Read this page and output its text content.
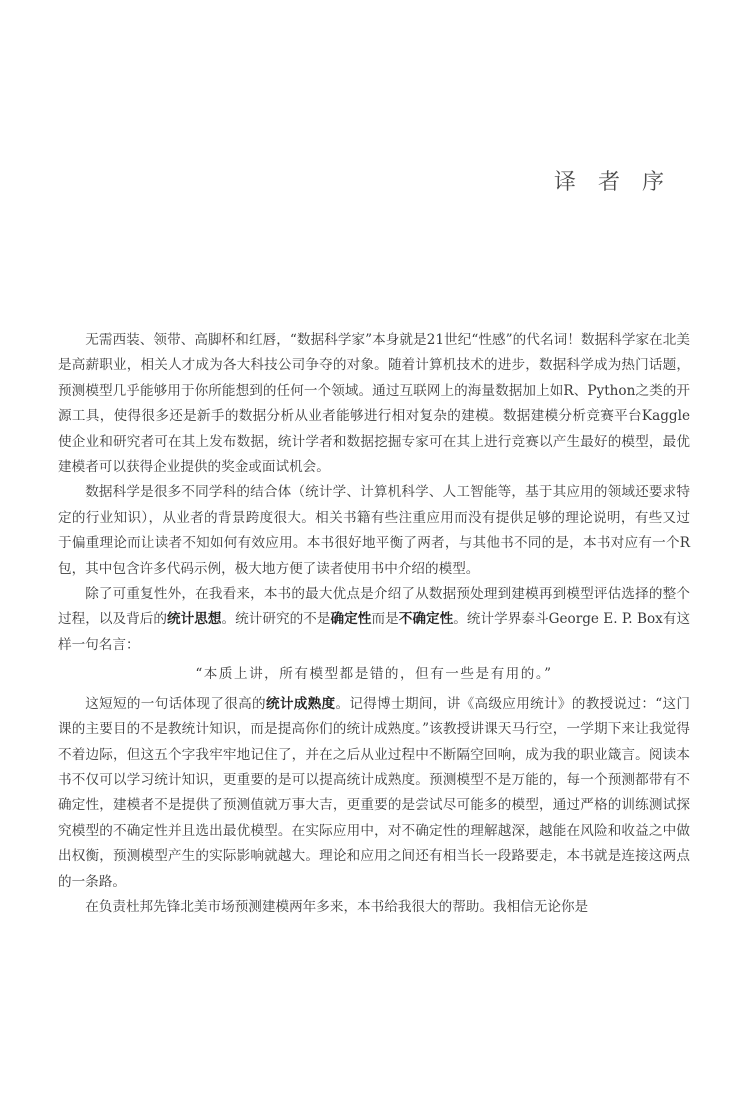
译者序

无需西装、领带、高脚杯和红唇，“数据科学家”本身就是21世纪“性感”的代名词！数据科学家在北美是高薪职业，相关人才成为各大科技公司争夺的对象。随着计算机技术的进步，数据科学成为热门话题，预测模型几乎能够用于你所能想到的任何一个领域。通过互联网上的海量数据加上如R、Python之类的开源工具，使得很多还是新手的数据分析从业者能够进行相对复杂的建模。数据建模分析竞赛平台Kaggle使企业和研究者可在其上发布数据，统计学者和数据挖掘专家可在其上进行竞赛以产生最好的模型，最优建模者可以获得企业提供的奖金或面试机会。

数据科学是很多不同学科的结合体（统计学、计算机科学、人工智能等，基于其应用的领域还要求特定的行业知识），从业者的背景跨度很大。相关书籍有些注重应用而没有提供足够的理论说明，有些又过于偏重理论而让读者不知如何有效应用。本书很好地平衡了两者，与其他书不同的是，本书对应有一个R包，其中包含许多代码示例，极大地方便了读者使用书中介绍的模型。

除了可重复性外，在我看来，本书的最大优点是介绍了从数据预处理到建模再到模型评估选择的整个过程，以及背后的统计思想。统计研究的不是确定性而是不确定性。统计学界泰斗George E. P. Box有这样一句名言：

“本质上讲，所有模型都是错的，但有一些是有用的。”

这短短的一句话体现了很高的统计成熟度。记得博士期间，讲《高级应用统计》的教授说过：“这门课的主要目的不是教统计知识，而是提高你们的统计成熟度。”该教授讲课天马行空，一学期下来让我觉得不着边际，但这五个字我牢牢地记住了，并在之后从业过程中不断隔空回响，成为我的职业箴言。阅读本书不仅可以学习统计知识，更重要的是可以提高统计成熟度。预测模型不是万能的，每一个预测都带有不确定性，建模者不是提供了预测值就万事大吉，更重要的是尝试尽可能多的模型，通过严格的训练测试探究模型的不确定性并且选出最优模型。在实际应用中，对不确定性的理解越深，越能在风险和收益之中做出权衡，预测模型产生的实际影响就越大。理论和应用之间还有相当长一段路要走，本书就是连接这两点的一条路。

在负责杜邦先锋北美市场预测建模两年多来，本书给我很大的帮助。我相信无论你是
